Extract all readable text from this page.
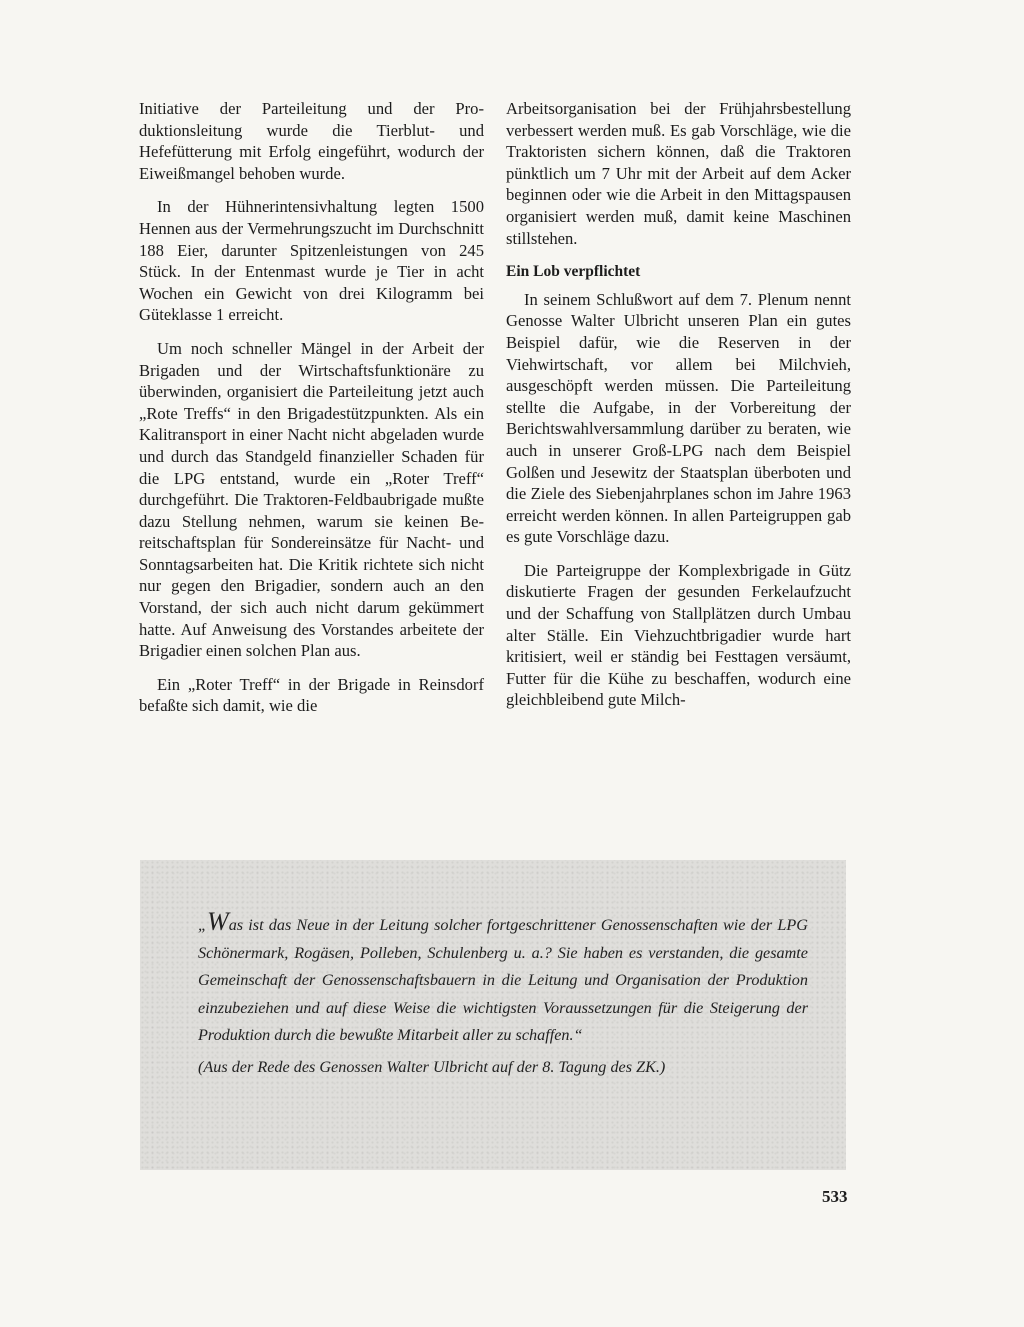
Initiative der Parteileitung und der Produktionsleitung wurde die Tierblut- und Hefefütterung mit Erfolg eingeführt, wodurch der Eiweißmangel behoben wurde.

In der Hühnerintensivhaltung legten 1500 Hennen aus der Vermehrungszucht im Durchschnitt 188 Eier, darunter Spitzenleistungen von 245 Stück. In der Entenmast wurde je Tier in acht Wochen ein Gewicht von drei Kilogramm bei Güteklasse 1 erreicht.

Um noch schneller Mängel in der Arbeit der Brigaden und der Wirtschaftsfunktionäre zu überwinden, organisiert die Parteileitung jetzt auch „Rote Treffs“ in den Brigadestützpunkten. Als ein Kalitransport in einer Nacht nicht abgeladen wurde und durch das Standgeld finanzieller Schaden für die LPG entstand, wurde ein „Roter Treff“ durchgeführt. Die Traktoren-Feldbaubrigade mußte dazu Stellung nehmen, warum sie keinen Bereitschaftsplan für Sondereinsätze für Nacht- und Sonntagsarbeiten hat. Die Kritik richtete sich nicht nur gegen den Brigadier, sondern auch an den Vorstand, der sich auch nicht darum gekümmert hatte. Auf Anweisung des Vorstandes arbeitete der Brigadier einen solchen Plan aus.

Ein „Roter Treff“ in der Brigade in Reinsdorf befaßte sich damit, wie die

Arbeitsorganisation bei der Frühjahrsbestellung verbessert werden muß. Es gab Vorschläge, wie die Traktoristen sichern können, daß die Traktoren pünktlich um 7 Uhr mit der Arbeit auf dem Acker beginnen oder wie die Arbeit in den Mittagspausen organisiert werden muß, damit keine Maschinen stillstehen.

Ein Lob verpflichtet

In seinem Schlußwort auf dem 7. Plenum nennt Genosse Walter Ulbricht unseren Plan ein gutes Beispiel dafür, wie die Reserven in der Viehwirtschaft, vor allem bei Milchvieh, ausgeschöpft werden müssen. Die Parteileitung stellte die Aufgabe, in der Vorbereitung der Berichtswahlversammlung darüber zu beraten, wie auch in unserer Groß-LPG nach dem Beispiel Golßen und Jesewitz der Staatsplan überboten und die Ziele des Siebenjahrplanes schon im Jahre 1963 erreicht werden können. In allen Parteigruppen gab es gute Vorschläge dazu.

Die Parteigruppe der Komplexbrigade in Gütz diskutierte Fragen der gesunden Ferkelaufzucht und der Schaffung von Stallplätzen durch Umbau alter Ställe. Ein Viehzuchtbrigadier wurde hart kritisiert, weil er ständig bei Festtagen versäumt, Futter für die Kühe zu beschaffen, wodurch eine gleichbleibend gute Milch-

„Was ist das Neue in der Leitung solcher fortgeschrittener Genossenschaften wie der LPG Schönermark, Rogäsen, Polleben, Schulenberg u. a.? Sie haben es verstanden, die gesamte Gemeinschaft der Genossenschaftsbauern in die Leitung und Organisation der Produktion einzubeziehen und auf diese Weise die wichtigsten Voraussetzungen für die Steigerung der Produktion durch die bewußte Mitarbeit aller zu schaffen.“

(Aus der Rede des Genossen Walter Ulbricht auf der 8. Tagung des ZK.)

533
